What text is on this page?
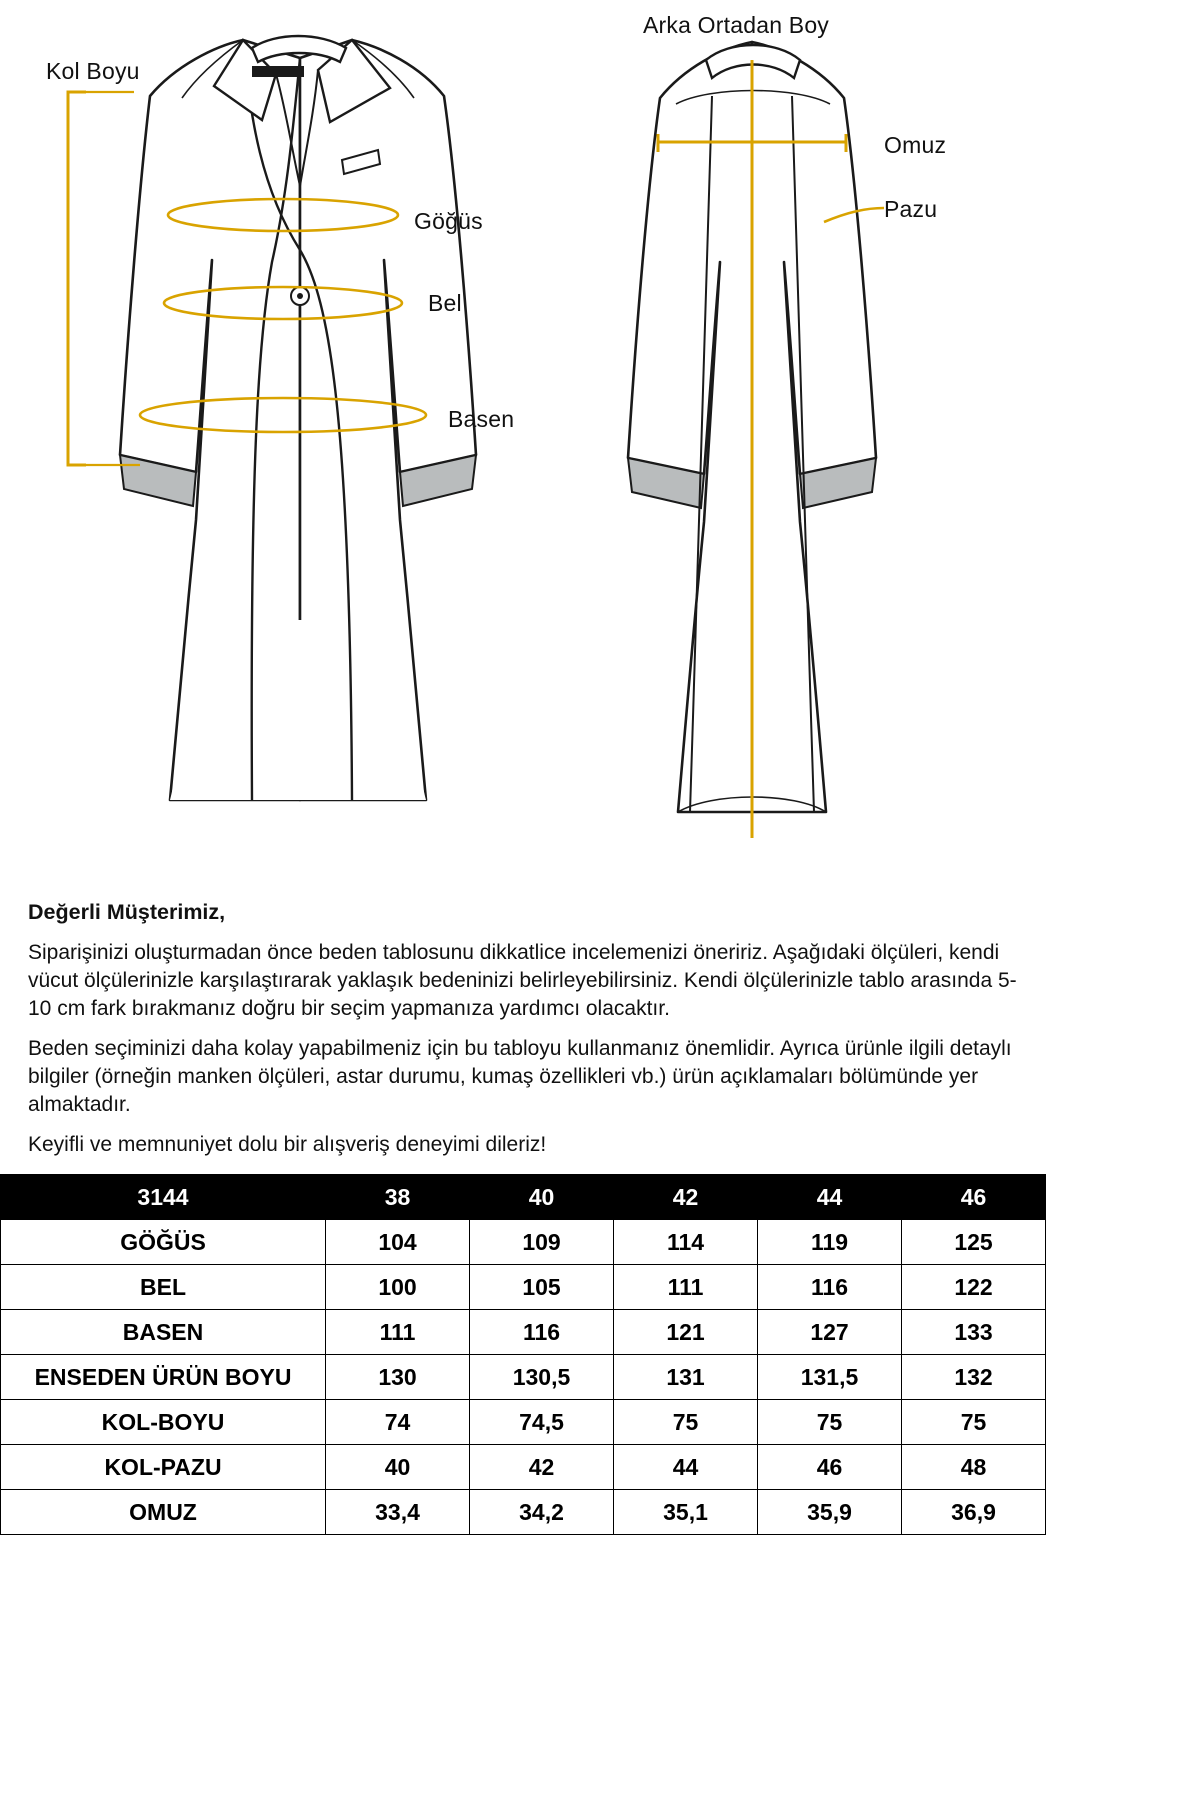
Kol Boyu
Göğüs
Bel
Basen
Arka Ortadan Boy
Omuz
Pazu

Değerli Müşterimiz,

Siparişinizi oluşturmadan önce beden tablosunu dikkatlice incelemenizi öneririz. Aşağıdaki ölçüleri, kendi vücut ölçülerinizle karşılaştırarak yaklaşık bedeninizi belirleyebilirsiniz. Kendi ölçülerinizle tablo arasında 5-10 cm fark bırakmanız doğru bir seçim yapmanıza yardımcı olacaktır.

Beden seçiminizi daha kolay yapabilmeniz için bu tabloyu kullanmanız önemlidir. Ayrıca ürünle ilgili detaylı bilgiler (örneğin manken ölçüleri, astar durumu, kumaş özellikleri vb.) ürün açıklamaları bölümünde yer almaktadır.

Keyifli ve memnuniyet dolu bir alışveriş deneyimi dileriz!

3144	38	40	42	44	46
GÖĞÜS	104	109	114	119	125
BEL	100	105	111	116	122
BASEN	111	116	121	127	133
ENSEDEN ÜRÜN BOYU	130	130,5	131	131,5	132
KOL-BOYU	74	74,5	75	75	75
KOL-PAZU	40	42	44	46	48
OMUZ	33,4	34,2	35,1	35,9	36,9
